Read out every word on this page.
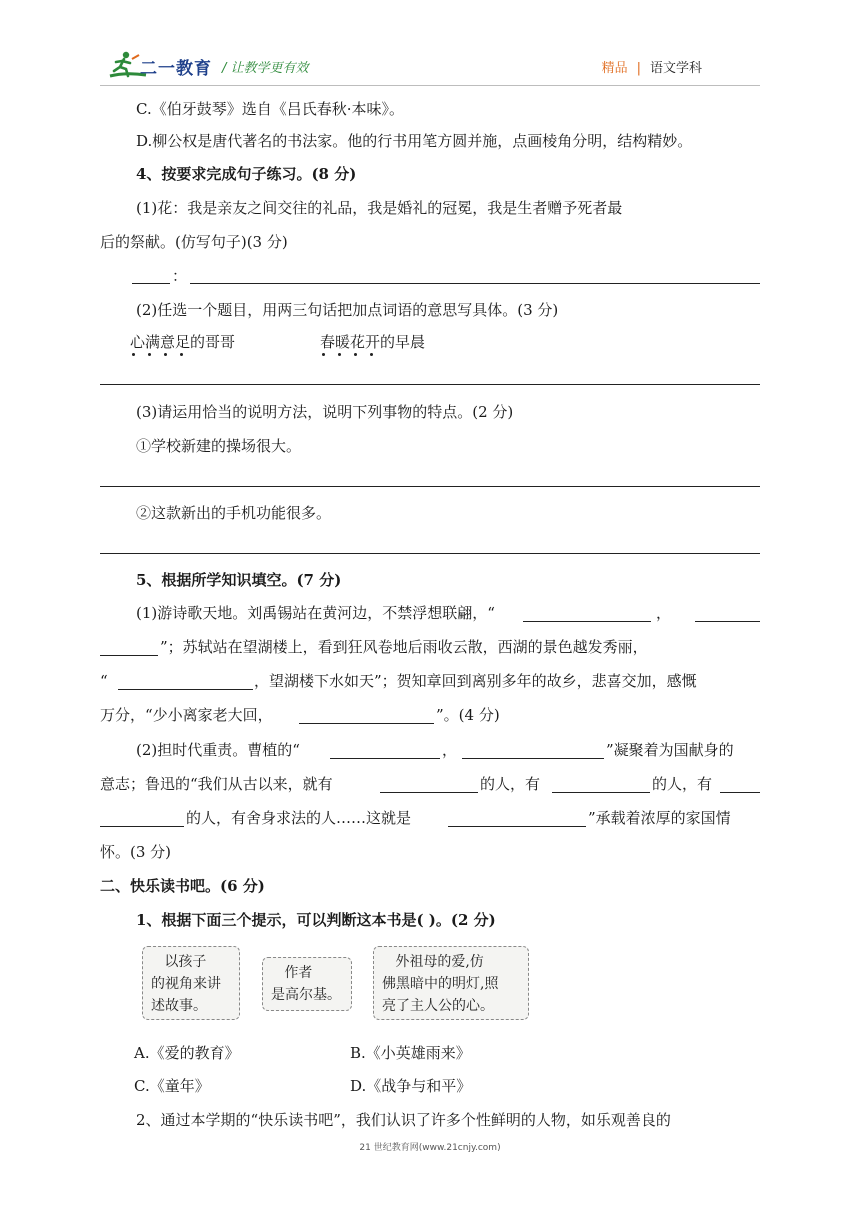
二一教育 / 让教学更有效	精品 | 语文学科
C.《伯牙鼓琴》选自《吕氏春秋·本味》。
D.柳公权是唐代著名的书法家。他的行书用笔方圆并施，点画棱角分明，结构精妙。
4、按要求完成句子练习。(8 分)
(1)花：我是亲友之间交往的礼品，我是婚礼的冠冕，我是生者赠予死者最
后的祭献。(仿写句子)(3 分)
：
(2)任选一个题目，用两三句话把加点词语的意思写具体。(3 分)
心满意足的哥哥	春暖花开的早晨
(3)请运用恰当的说明方法，说明下列事物的特点。(2 分)
①学校新建的操场很大。
②这款新出的手机功能很多。
5、根据所学知识填空。(7 分)
(1)游诗歌天地。刘禹锡站在黄河边，不禁浮想联翩，“	，
”；苏轼站在望湖楼上，看到狂风卷地后雨收云散，西湖的景色越发秀丽，
“	，望湖楼下水如天”；贺知章回到离别多年的故乡，悲喜交加，感慨
万分，“少小离家老大回，	”。(4 分)
(2)担时代重责。曹植的“	，	”凝聚着为国献身的
意志；鲁迅的“我们从古以来，就有	的人，有	的人，有
的人，有舍身求法的人……这就是	”承载着浓厚的家国情
怀。(3 分)
二、快乐读书吧。(6 分)
1、根据下面三个提示，可以判断这本书是( )。(2 分)
以孩子
的视角来讲
述故事。
作者
是高尔基。
外祖母的爱,仿
佛黑暗中的明灯,照
亮了主人公的心。
A.《爱的教育》	B.《小英雄雨来》
C.《童年》	D.《战争与和平》
2、通过本学期的“快乐读书吧”，我们认识了许多个性鲜明的人物，如乐观善良的
21 世纪教育网(www.21cnjy.com)
